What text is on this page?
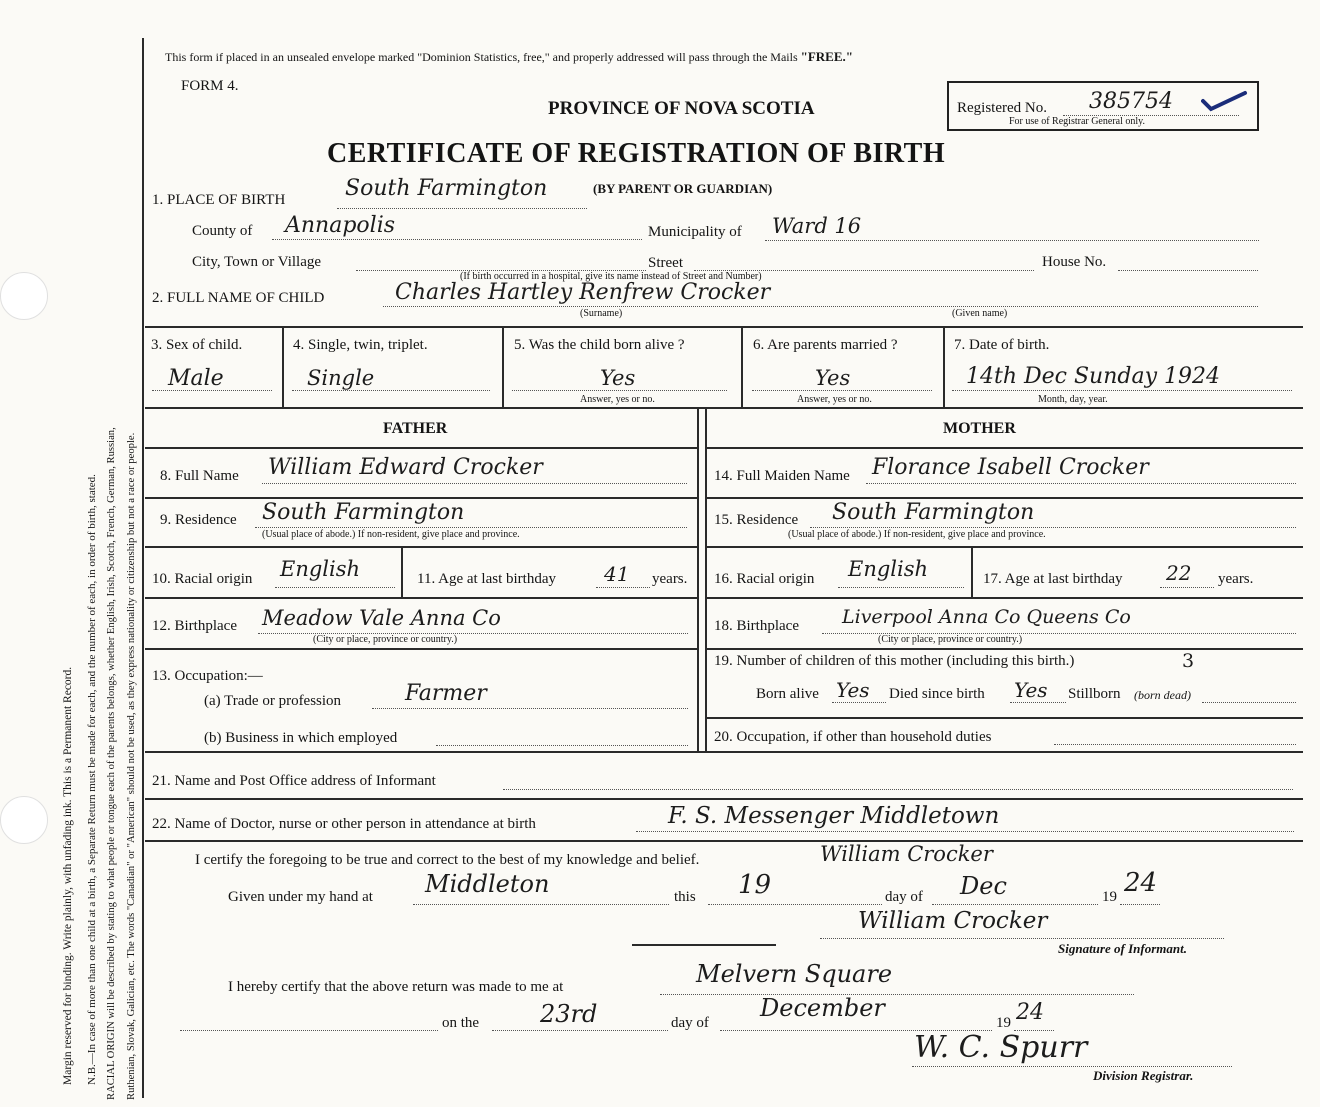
Margin reserved for binding. Write plainly, with unfading ink. This is a Permanent Record. N.B.—In case of more than one child at a birth, a Separate Return must be made for each, and the number of each, in order of birth, stated. RACIAL ORIGIN will be described by stating to what people or tongue each of the parents belongs, whether English, Irish, Scotch, French, German, Russian, Ruthenian, Slovak, Galician, etc. The words "Canadian" or "American" should not be used, as they express nationality or citizenship but not a race or people.
This form if placed in an unsealed envelope marked "Dominion Statistics, free," and properly addressed will pass through the Mails "FREE."
FORM 4.
PROVINCE OF NOVA SCOTIA	Registered No. 385754
For use of Registrar General only.
CERTIFICATE OF REGISTRATION OF BIRTH
1. PLACE OF BIRTH	South Farmington	(BY PARENT OR GUARDIAN)
County of Annapolis	Municipality of Ward 16
City, Town or Village	Street	House No.
(If birth occurred in a hospital, give its name instead of Street and Number)
2. FULL NAME OF CHILD	Charles Hartley Renfrew Crocker
(Surname)	(Given name)
3. Sex of child.
Male
4. Single, twin, triplet.
Single
5. Was the child born alive ?
Yes
Answer, yes or no.
6. Are parents married ?
Yes
Answer, yes or no.
7. Date of birth.
14th Dec Sunday 1924
Month, day, year.
FATHER
8. Full Name William Edward Crocker
9. Residence South Farmington
(Usual place of abode.) If non-resident, give place and province.
10. Racial origin English	11. Age at last birthday 41 years.
12. Birthplace Meadow Vale Anna Co
(City or place, province or country.)
13. Occupation:—
(a) Trade or profession	Farmer
(b) Business in which employed
MOTHER
14. Full Maiden Name Florance Isabell Crocker
15. Residence South Farmington
(Usual place of abode.) If non-resident, give place and province.
16. Racial origin English	17. Age at last birthday 22 years.
18. Birthplace Liverpool Anna Co Queens Co
(City or place, province or country.)
19. Number of children of this mother (including this birth.)	3
Born alive Yes Died since birth Yes Stillborn (born dead)
20. Occupation, if other than household duties
21. Name and Post Office address of Informant
22. Name of Doctor, nurse or other person in attendance at birth	F. S. Messenger Middletown
I certify the foregoing to be true and correct to the best of my knowledge and belief.	William Crocker
Given under my hand at Middleton	this 19	day of Dec	19 24
William Crocker
Signature of Informant.
I hereby certify that the above return was made to me at	Melvern Square
on the	23rd	day of
December
19 24
W. C. Spurr
Division Registrar.
